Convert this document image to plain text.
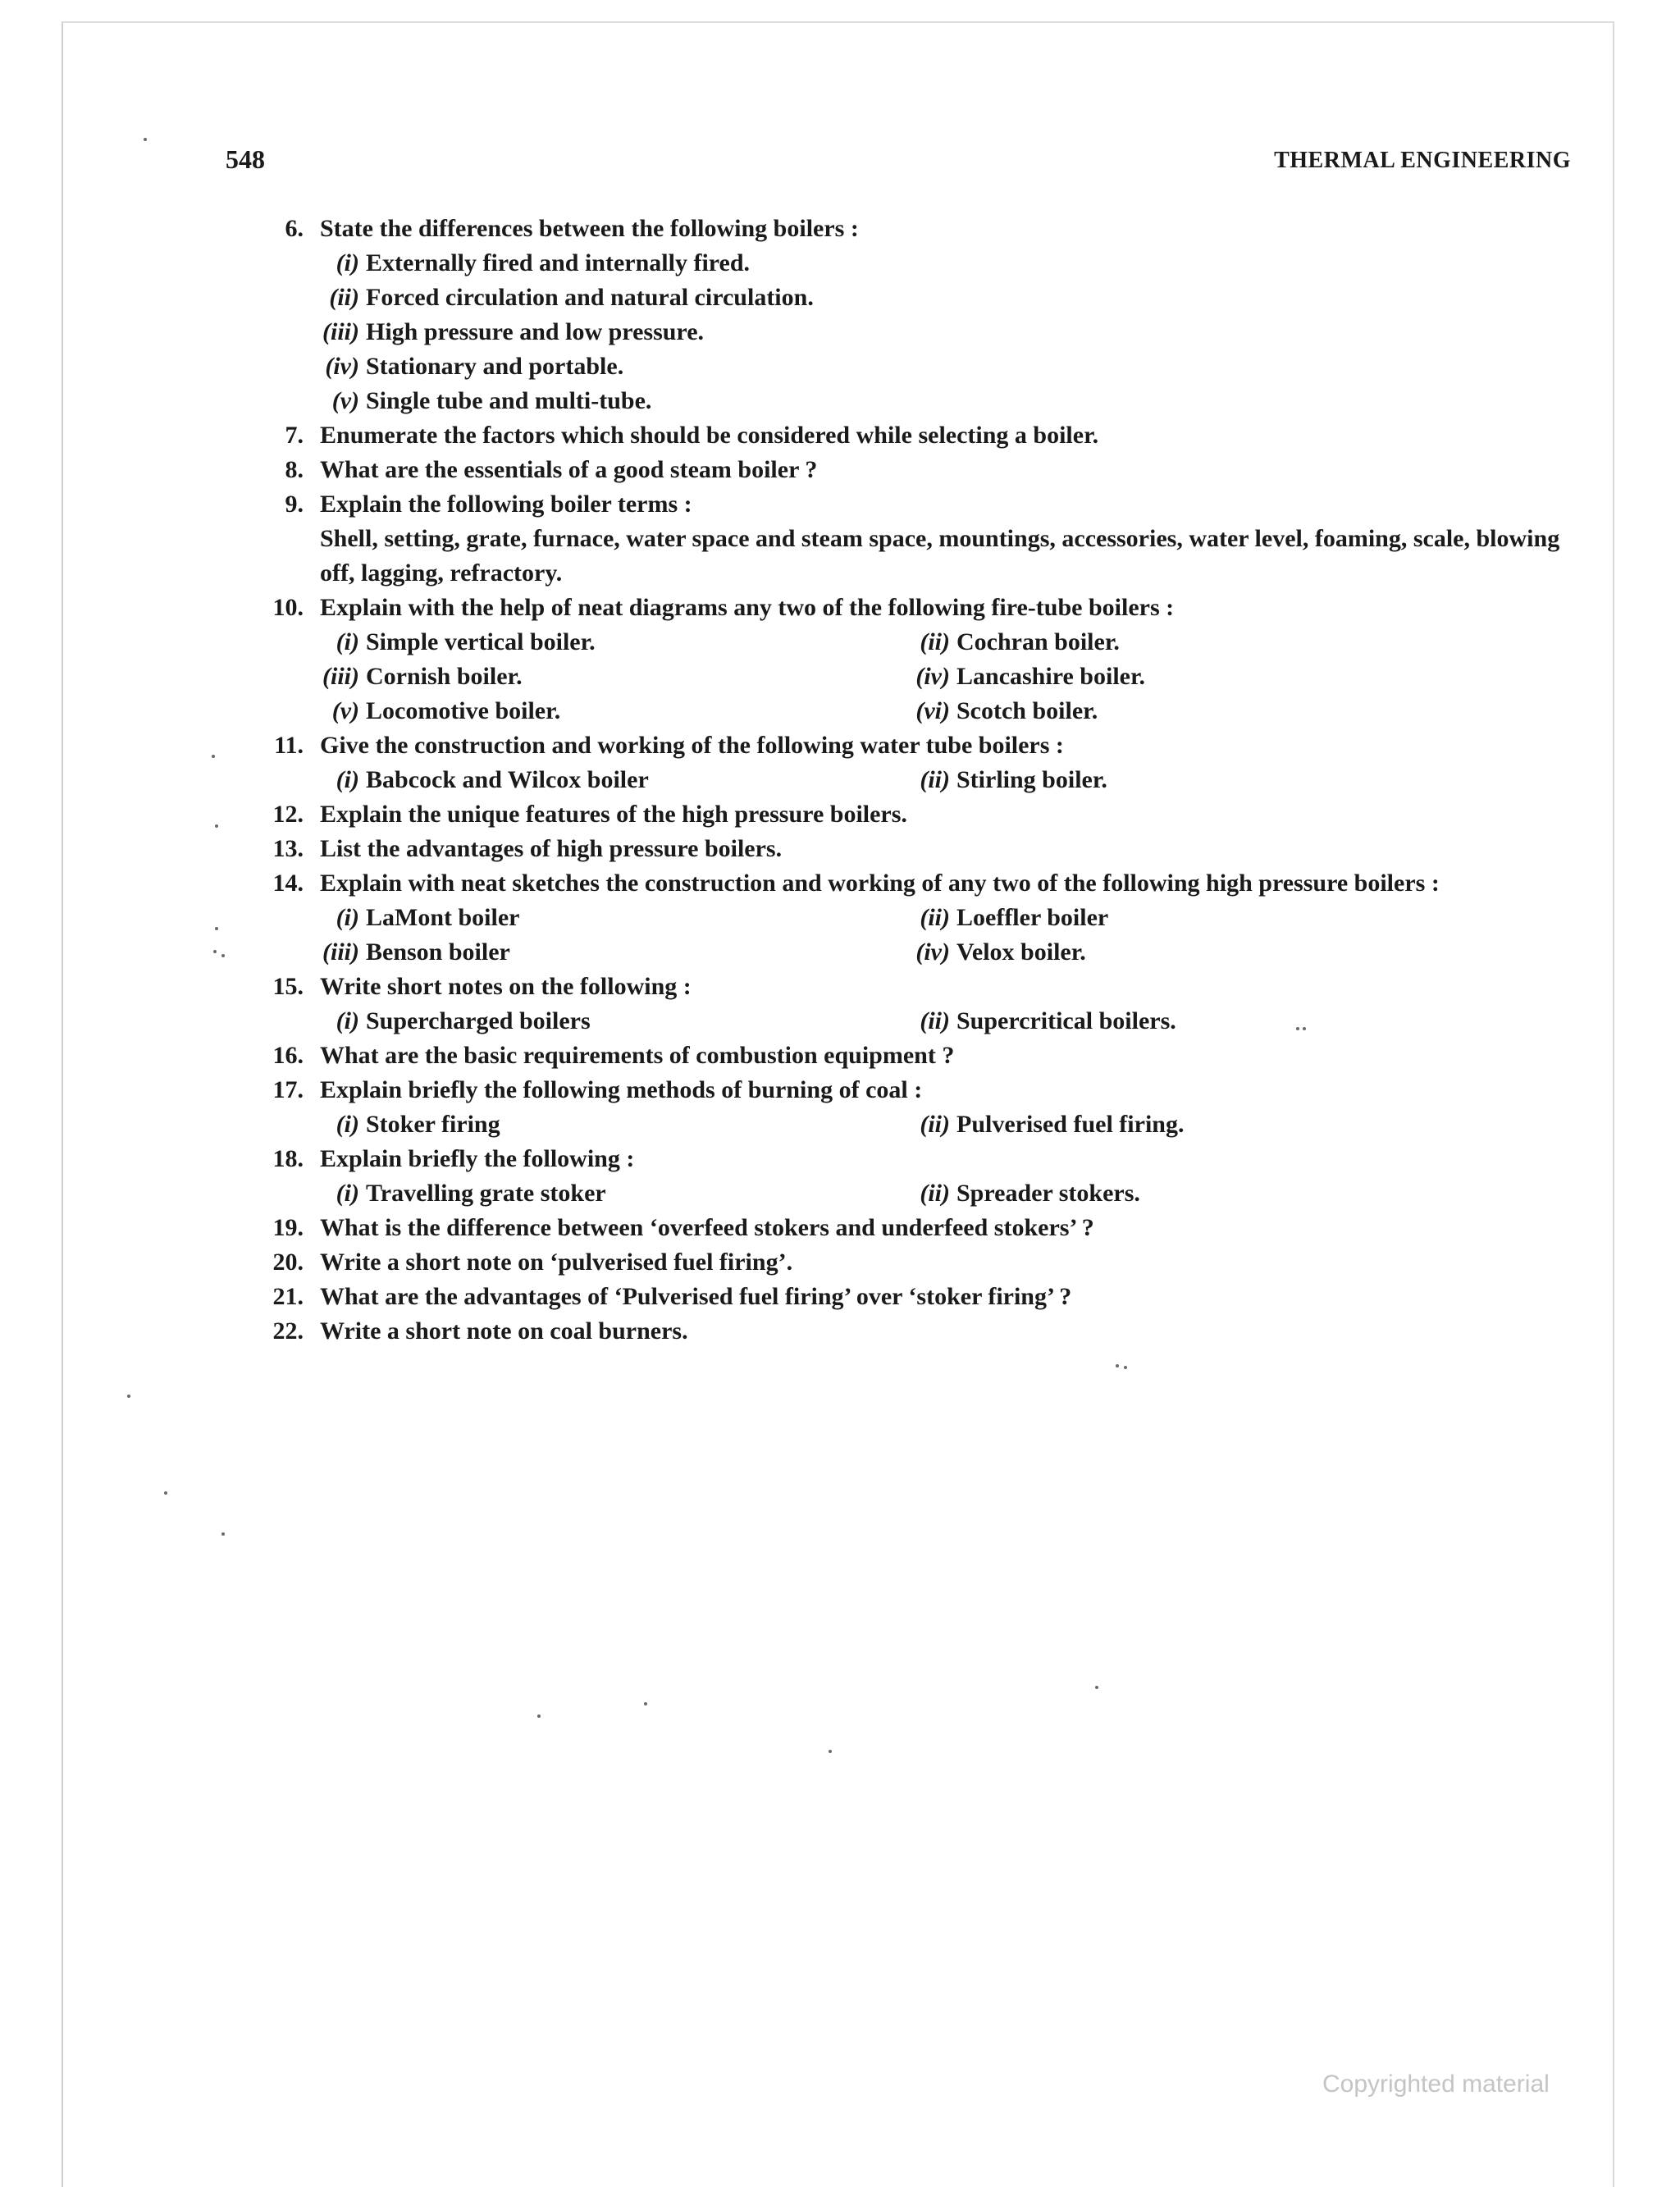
548	THERMAL ENGINEERING
6. State the differences between the following boilers :
(i) Externally fired and internally fired.
(ii) Forced circulation and natural circulation.
(iii) High pressure and low pressure.
(iv) Stationary and portable.
(v) Single tube and multi-tube.
7. Enumerate the factors which should be considered while selecting a boiler.
8. What are the essentials of a good steam boiler ?
9. Explain the following boiler terms :
Shell, setting, grate, furnace, water space and steam space, mountings, accessories, water level, foaming, scale, blowing off, lagging, refractory.
10. Explain with the help of neat diagrams any two of the following fire-tube boilers :
(i) Simple vertical boiler.	(ii) Cochran boiler.
(iii) Cornish boiler.	(iv) Lancashire boiler.
(v) Locomotive boiler.	(vi) Scotch boiler.
11. Give the construction and working of the following water tube boilers :
(i) Babcock and Wilcox boiler	(ii) Stirling boiler.
12. Explain the unique features of the high pressure boilers.
13. List the advantages of high pressure boilers.
14. Explain with neat sketches the construction and working of any two of the following high pressure boilers :
(i) LaMont boiler	(ii) Loeffler boiler
(iii) Benson boiler	(iv) Velox boiler.
15. Write short notes on the following :
(i) Supercharged boilers	(ii) Supercritical boilers.
16. What are the basic requirements of combustion equipment ?
17. Explain briefly the following methods of burning of coal :
(i) Stoker firing	(ii) Pulverised fuel firing.
18. Explain briefly the following :
(i) Travelling grate stoker	(ii) Spreader stokers.
19. What is the difference between ‘overfeed stokers and underfeed stokers’ ?
20. Write a short note on ‘pulverised fuel firing’.
21. What are the advantages of ‘Pulverised fuel firing’ over ‘stoker firing’ ?
22. Write a short note on coal burners.
Copyrighted material
